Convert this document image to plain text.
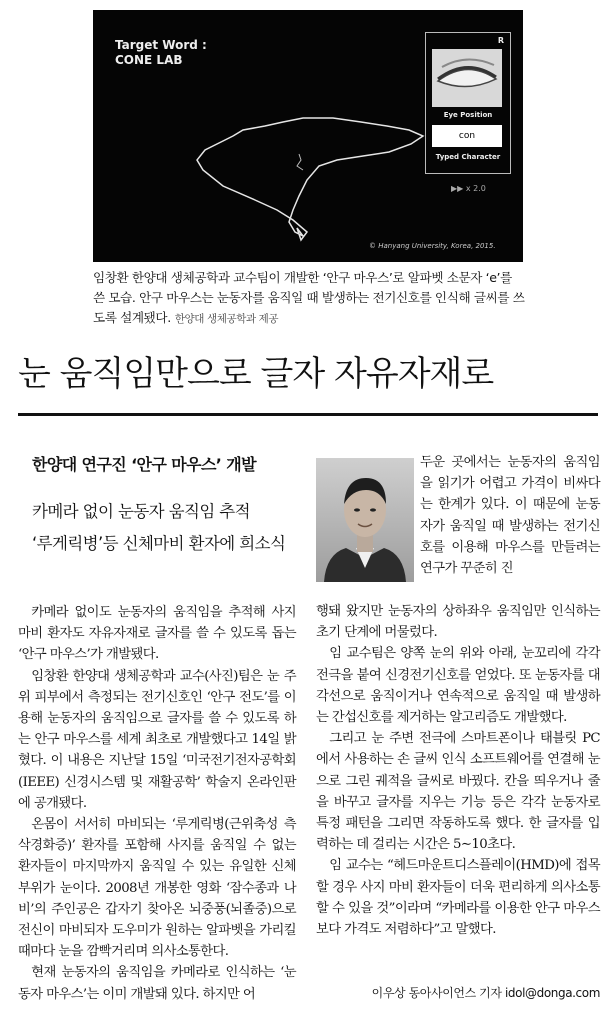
Target Word :
CONE LAB
R
Eye Position
con
Typed Character
▶▶ x 2.0
© Hanyang University, Korea, 2015.
임창환 한양대 생체공학과 교수팀이 개발한 ‘안구 마우스’로 알파벳 소문자 ‘e’를 쓴 모습. 안구 마우스는 눈동자를 움직일 때 발생하는 전기신호를 인식해 글씨를 쓰도록 설계됐다. 한양대 생체공학과 제공
눈 움직임만으로 글자 자유자재로
한양대 연구진 ‘안구 마우스’ 개발
카메라 없이 눈동자 움직임 추적
‘루게릭병’등 신체마비 환자에 희소식

두운 곳에서는 눈동자의 움직임을 읽기가 어렵고 가격이 비싸다는 한계가 있다. 이 때문에 눈동자가 움직일 때 발생하는 전기신호를 이용해 마우스를 만들려는 연구가 꾸준히 진

카메라 없이도 눈동자의 움직임을 추적해 사지 마비 환자도 자유자재로 글자를 쓸 수 있도록 돕는 ‘안구 마우스’가 개발됐다.

임창환 한양대 생체공학과 교수(사진)팀은 눈 주위 피부에서 측정되는 전기신호인 ‘안구 전도’를 이용해 눈동자의 움직임으로 글자를 쓸 수 있도록 하는 안구 마우스를 세계 최초로 개발했다고 14일 밝혔다. 이 내용은 지난달 15일 ‘미국전기전자공학회(IEEE) 신경시스템 및 재활공학’ 학술지 온라인판에 공개됐다.

온몸이 서서히 마비되는 ‘루게릭병(근위축성 측삭경화증)’ 환자를 포함해 사지를 움직일 수 없는 환자들이 마지막까지 움직일 수 있는 유일한 신체 부위가 눈이다. 2008년 개봉한 영화 ‘잠수종과 나비’의 주인공은 갑자기 찾아온 뇌중풍(뇌졸중)으로 전신이 마비되자 도우미가 원하는 알파벳을 가리킬 때마다 눈을 깜빡거리며 의사소통한다.

현재 눈동자의 움직임을 카메라로 인식하는 ‘눈동자 마우스’는 이미 개발돼 있다. 하지만 어

행돼 왔지만 눈동자의 상하좌우 움직임만 인식하는 초기 단계에 머물렀다.

임 교수팀은 양쪽 눈의 위와 아래, 눈꼬리에 각각 전극을 붙여 신경전기신호를 얻었다. 또 눈동자를 대각선으로 움직이거나 연속적으로 움직일 때 발생하는 간섭신호를 제거하는 알고리즘도 개발했다.

그리고 눈 주변 전극에 스마트폰이나 태블릿 PC에서 사용하는 손 글씨 인식 소프트웨어를 연결해 눈으로 그린 궤적을 글씨로 바꿨다. 칸을 띄우거나 줄을 바꾸고 글자를 지우는 기능 등은 각각 눈동자로 특정 패턴을 그리면 작동하도록 했다. 한 글자를 입력하는 데 걸리는 시간은 5∼10초다.

임 교수는 “헤드마운트디스플레이(HMD)에 접목할 경우 사지 마비 환자들이 더욱 편리하게 의사소통할 수 있을 것”이라며 “카메라를 이용한 안구 마우스보다 가격도 저렴하다”고 말했다.

이우상 동아사이언스 기자 idol@donga.com
